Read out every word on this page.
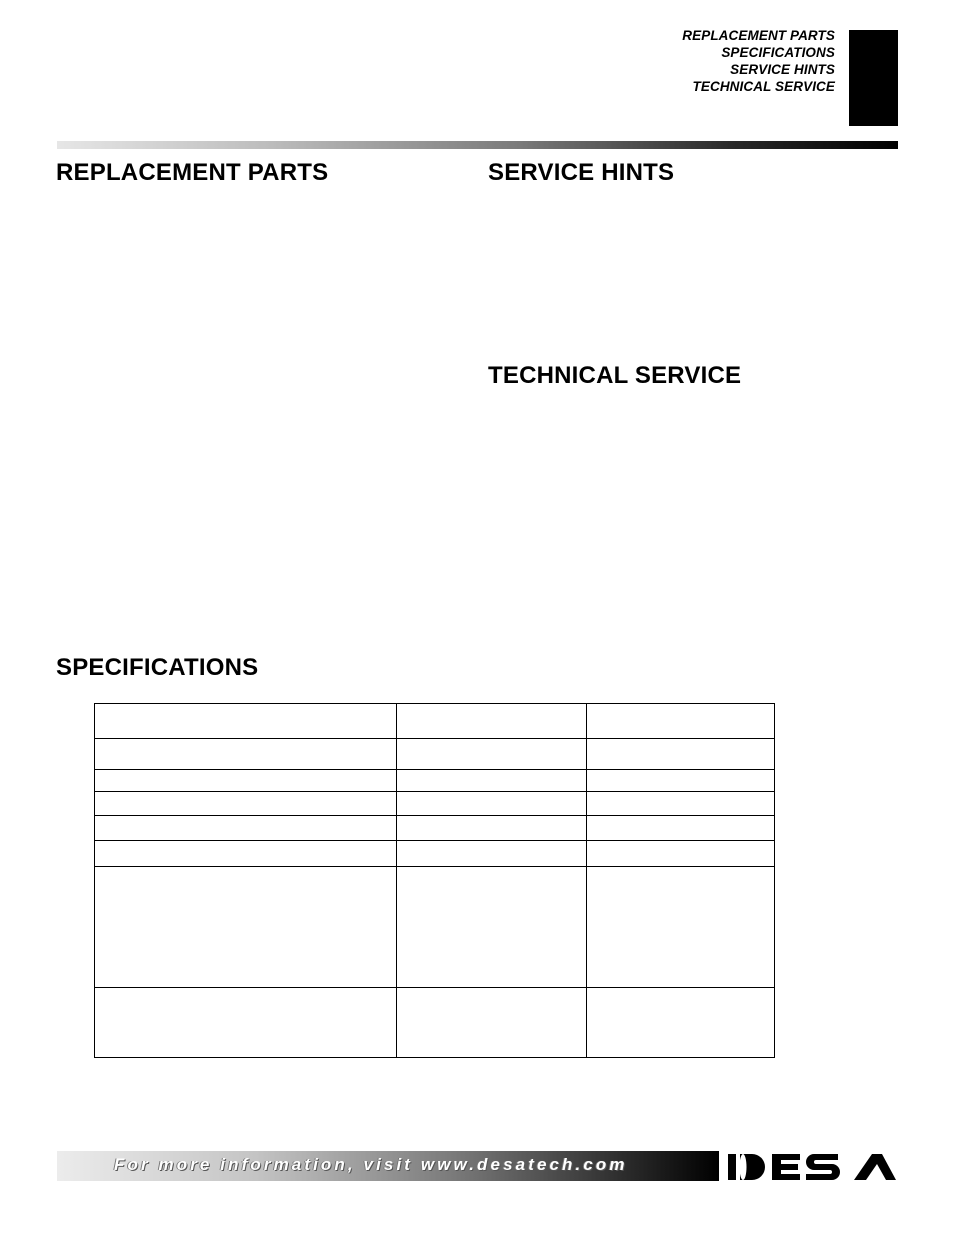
REPLACEMENT PARTS
SPECIFICATIONS
SERVICE HINTS
TECHNICAL SERVICE
REPLACEMENT PARTS	SERVICE HINTS
TECHNICAL SERVICE
SPECIFICATIONS

For more information, visit www.desatech.com
